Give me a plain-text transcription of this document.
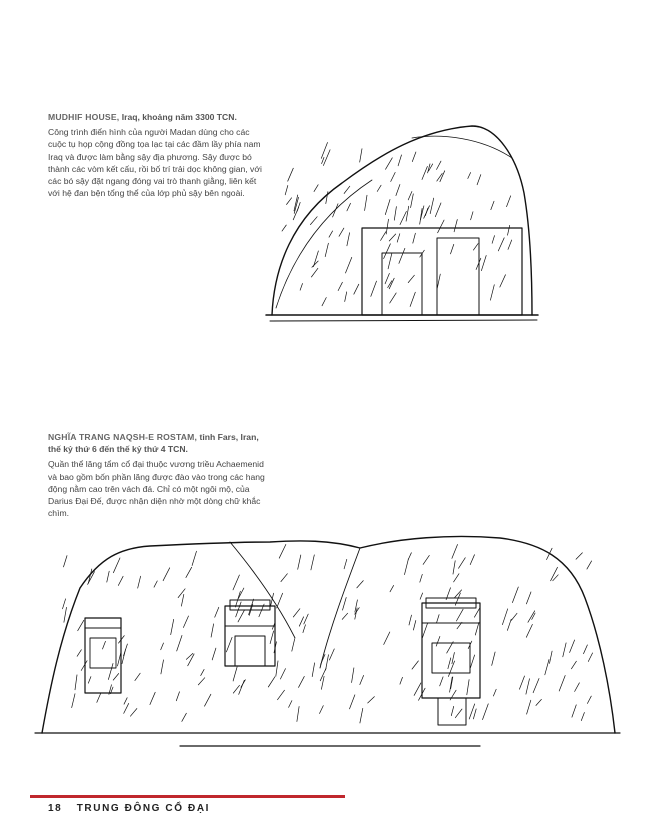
MUDHIF HOUSE, Iraq, khoảng năm 3300 TCN.

Công trình điển hình của người Madan dùng cho các cuộc tụ họp cộng đồng tọa lạc tại các đầm lầy phía nam Iraq và được làm bằng sậy địa phương. Sậy được bó thành các vòm kết cấu, rồi bố trí trải dọc không gian, với các bó sậy đặt ngang đóng vai trò thanh giằng, liên kết với hệ đan bện tổng thể của lớp phủ sậy bên ngoài.

NGHĨA TRANG NAQSH-E ROSTAM, tỉnh Fars, Iran, thế kỷ thứ 6 đến thế kỷ thứ 4 TCN.

Quần thể lăng tẩm cổ đại thuộc vương triều Achaemenid và bao gồm bốn phần lăng được đào vào trong các hang động nằm cao trên vách đá. Chỉ có một ngôi mộ, của Darius Đại Đế, được nhận diện nhờ một dòng chữ khắc chìm.

18 TRUNG ĐÔNG CỔ ĐẠI
